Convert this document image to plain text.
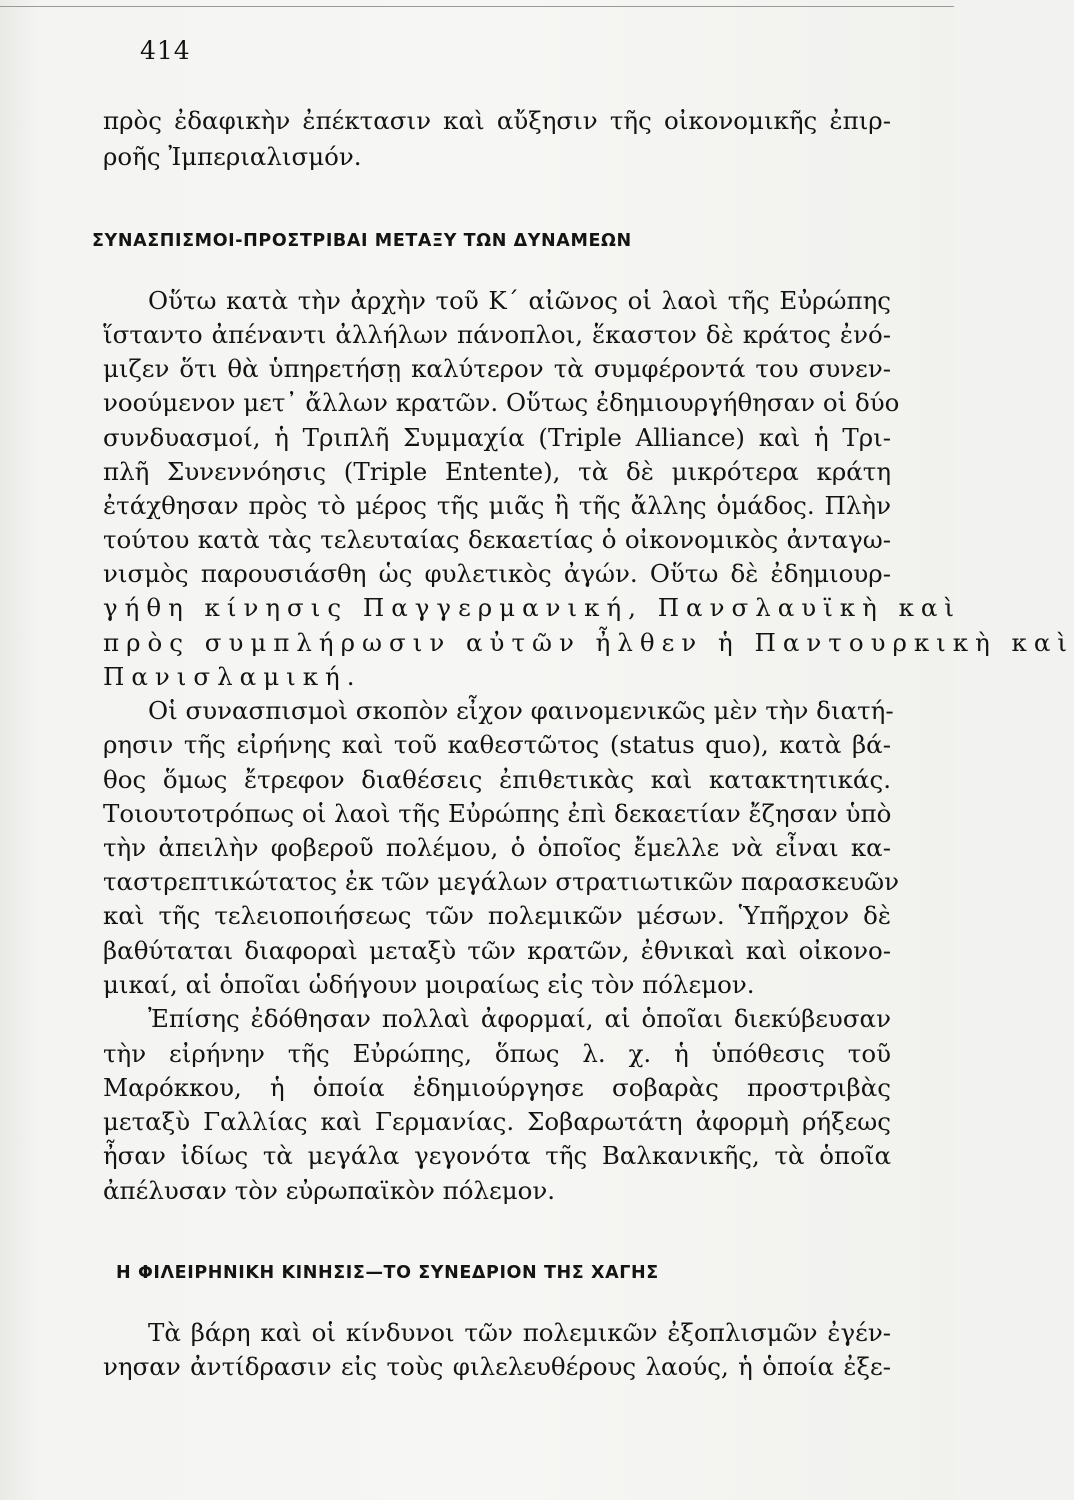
414
πρὸς ἐδαφικὴν ἐπέκτασιν καὶ αὔξησιν τῆς οἰκονομικῆς ἐπιρ-
ροῆς Ἰμπεριαλισμόν.
ΣΥΝΑΣΠΙΣΜΟΙ-ΠΡΟΣΤΡΙΒΑΙ ΜΕΤΑΞΥ ΤΩΝ ΔΥΝΑΜΕΩΝ
Οὕτω κατὰ τὴν ἀρχὴν τοῦ Κ΄ αἰῶνος οἱ λαοὶ τῆς Εὐρώπης
ἵσταντο ἀπέναντι ἀλλήλων πάνοπλοι, ἕκαστον δὲ κράτος ἐνό-
μιζεν ὅτι θὰ ὑπηρετήσῃ καλύτερον τὰ συμφέροντά του συνεν-
νοούμενον μετ᾽ ἄλλων κρατῶν. Οὕτως ἐδημιουργήθησαν οἱ δύο
συνδυασμοί, ἡ Τριπλῆ Συμμαχία (Triple Alliance) καὶ ἡ Τρι-
πλῆ Συνεννόησις (Triple Entente), τὰ δὲ μικρότερα κράτη
ἐτάχθησαν πρὸς τὸ μέρος τῆς μιᾶς ἢ τῆς ἄλλης ὁμάδος. Πλὴν
τούτου κατὰ τὰς τελευταίας δεκαετίας ὁ οἰκονομικὸς ἀνταγω-
νισμὸς παρουσιάσθη ὡς φυλετικὸς ἀγών. Οὕτω δὲ ἐδημιουρ-
γήθη κίνησις Παγγερμανική, Πανσλαυϊκὴ καὶ
πρὸς συμπλήρωσιν αὐτῶν ἦλθεν ἡ Παντουρκικὴ καὶ
Πανισλαμική.
Οἱ συνασπισμοὶ σκοπὸν εἶχον φαινομενικῶς μὲν τὴν διατή-
ρησιν τῆς εἰρήνης καὶ τοῦ καθεστῶτος (status quo), κατὰ βά-
θος ὅμως ἔτρεφον διαθέσεις ἐπιθετικὰς καὶ κατακτητικάς.
Τοιουτοτρόπως οἱ λαοὶ τῆς Εὐρώπης ἐπὶ δεκαετίαν ἔζησαν ὑπὸ
τὴν ἀπειλὴν φοβεροῦ πολέμου, ὁ ὁποῖος ἔμελλε νὰ εἶναι κα-
ταστρεπτικώτατος ἐκ τῶν μεγάλων στρατιωτικῶν παρασκευῶν
καὶ τῆς τελειοποιήσεως τῶν πολεμικῶν μέσων. Ὑπῆρχον δὲ
βαθύταται διαφοραὶ μεταξὺ τῶν κρατῶν, ἐθνικαὶ καὶ οἰκονο-
μικαί, αἱ ὁποῖαι ὡδήγουν μοιραίως εἰς τὸν πόλεμον.
Ἐπίσης ἐδόθησαν πολλαὶ ἀφορμαί, αἱ ὁποῖαι διεκύβευσαν
τὴν εἰρήνην τῆς Εὐρώπης, ὅπως λ. χ. ἡ ὑπόθεσις τοῦ
Μαρόκκου, ἡ ὁποία ἐδημιούργησε σοβαρὰς προστριβὰς
μεταξὺ Γαλλίας καὶ Γερμανίας. Σοβαρωτάτη ἀφορμὴ ρήξεως
ἦσαν ἰδίως τὰ μεγάλα γεγονότα τῆς Βαλκανικῆς, τὰ ὁποῖα
ἀπέλυσαν τὸν εὐρωπαϊκὸν πόλεμον.
Η ΦΙΛΕΙΡΗΝΙΚΗ ΚΙΝΗΣΙΣ—ΤΟ ΣΥΝΕΔΡΙΟΝ ΤΗΣ ΧΑΓΗΣ
Τὰ βάρη καὶ οἱ κίνδυνοι τῶν πολεμικῶν ἐξοπλισμῶν ἐγέν-
νησαν ἀντίδρασιν εἰς τοὺς φιλελευθέρους λαούς, ἡ ὁποία ἐξε-
